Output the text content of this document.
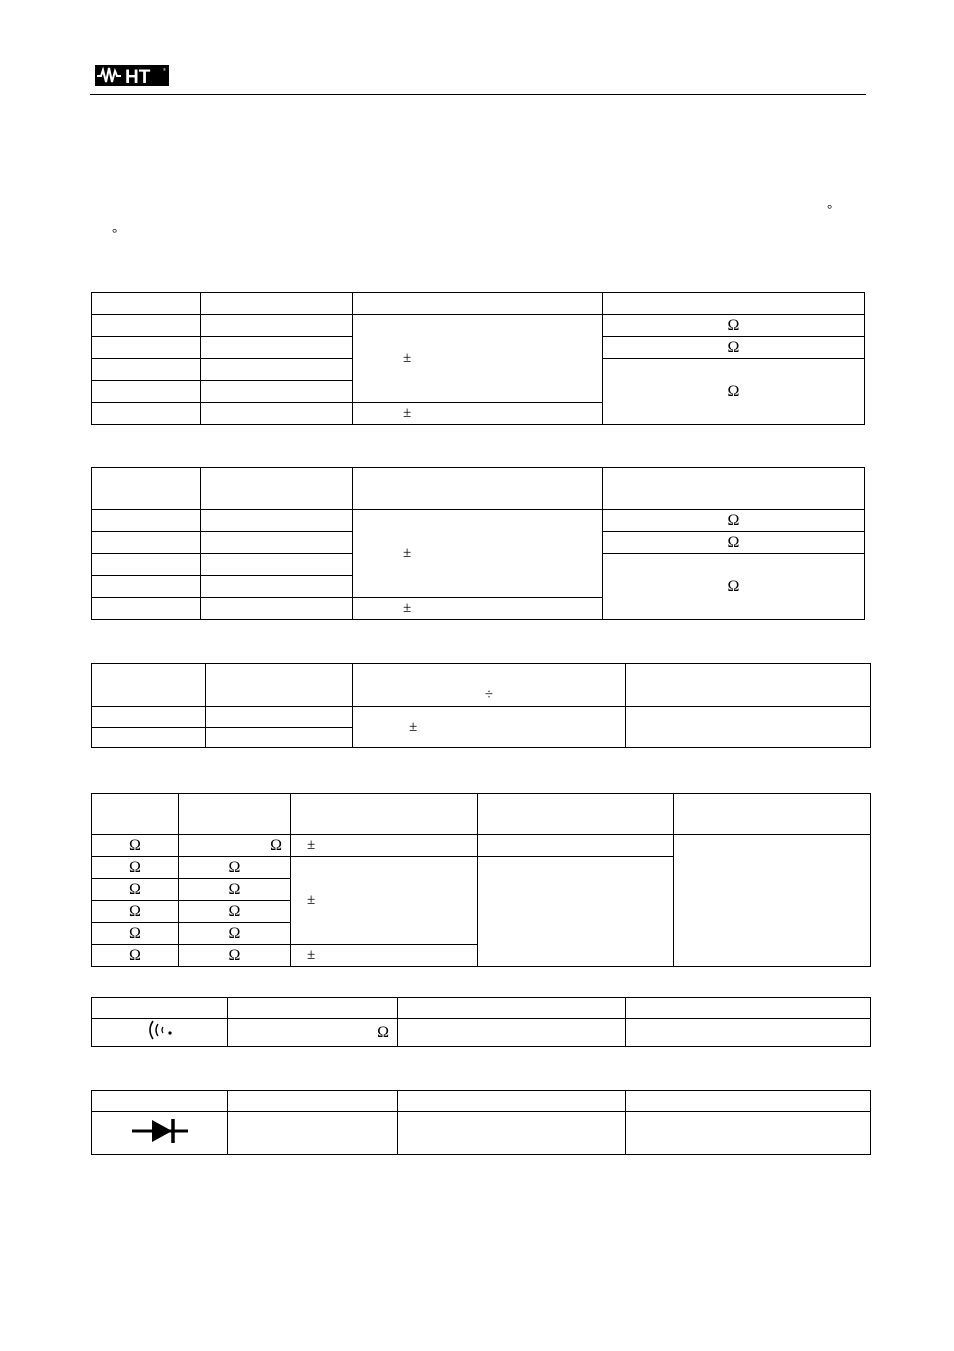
HT	®
°
°

		±	Ω
			Ω
			Ω

		±	

		±	Ω
			Ω
			Ω

		±	
		÷	
		±	

Ω	Ω	±		
Ω	Ω	±		
Ω	Ω			
Ω	Ω			
Ω	Ω			
Ω	Ω	±		

	Ω		
